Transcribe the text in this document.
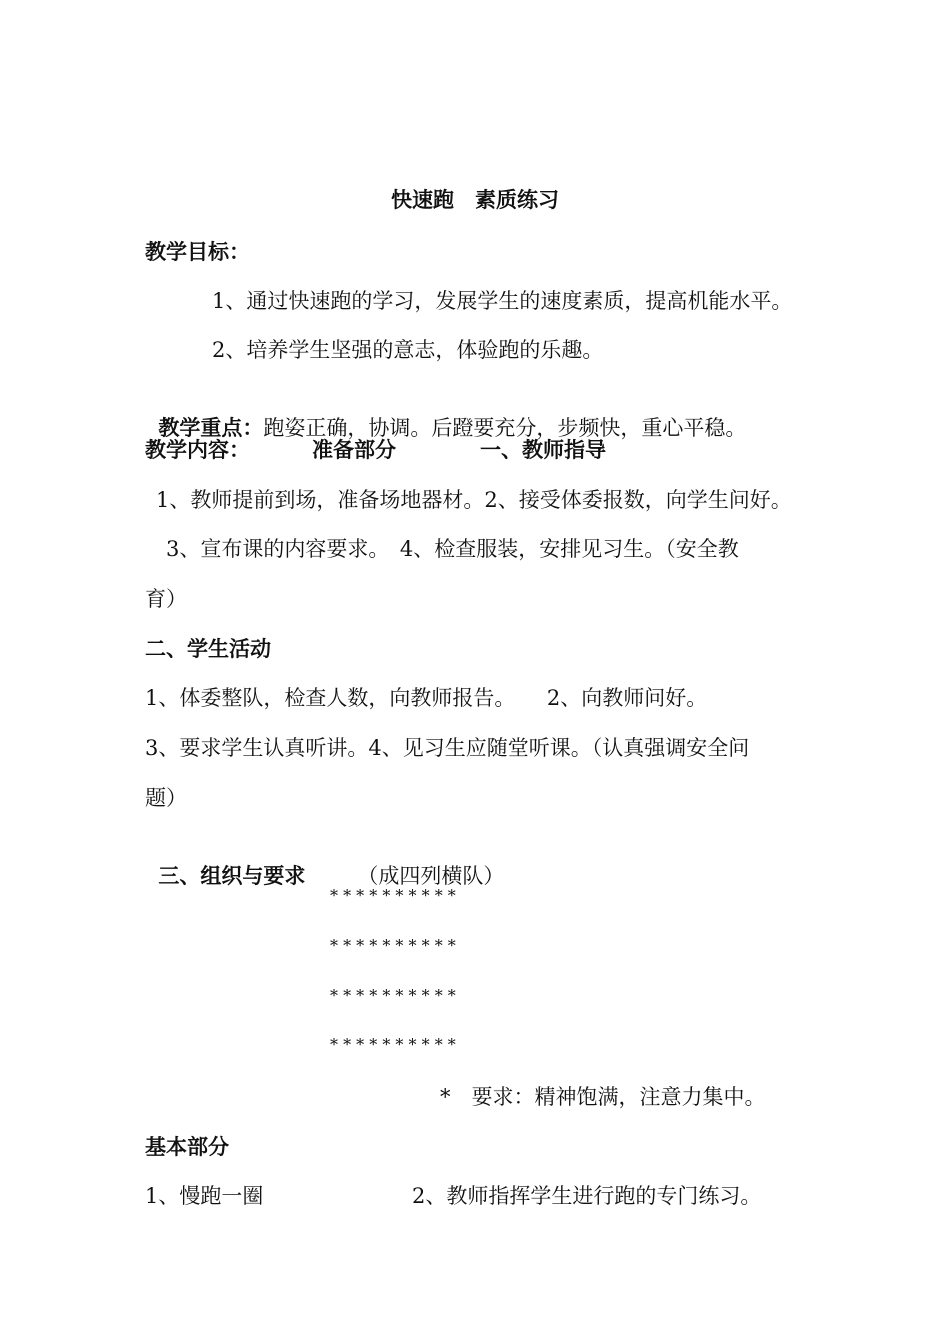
快速跑　素质练习
教学目标：
1、通过快速跑的学习，发展学生的速度素质，提高机能水平。
2、培养学生坚强的意志，体验跑的乐趣。

教学重点：跑姿正确，协调。后蹬要充分，步频快，重心平稳。

教学内容：	准备部分	一、教师指导
1、教师提前到场，准备场地器材。2、接受体委报数，向学生问好。
3、宣布课的内容要求。　4、检查服装，安排见习生。（安全教
育）
二、学生活动
1、体委整队，检查人数，向教师报告。　　2、向教师问好。
3、要求学生认真听讲。4、见习生应随堂听课。（认真强调安全问
题）

三、组织与要求 （成四列横队）

* * * * * * * * * *
* * * * * * * * * *
* * * * * * * * * *
* * * * * * * * * *
*　要求：精神饱满，注意力集中。
基本部分
1、慢跑一圈	2、教师指挥学生进行跑的专门练习。
